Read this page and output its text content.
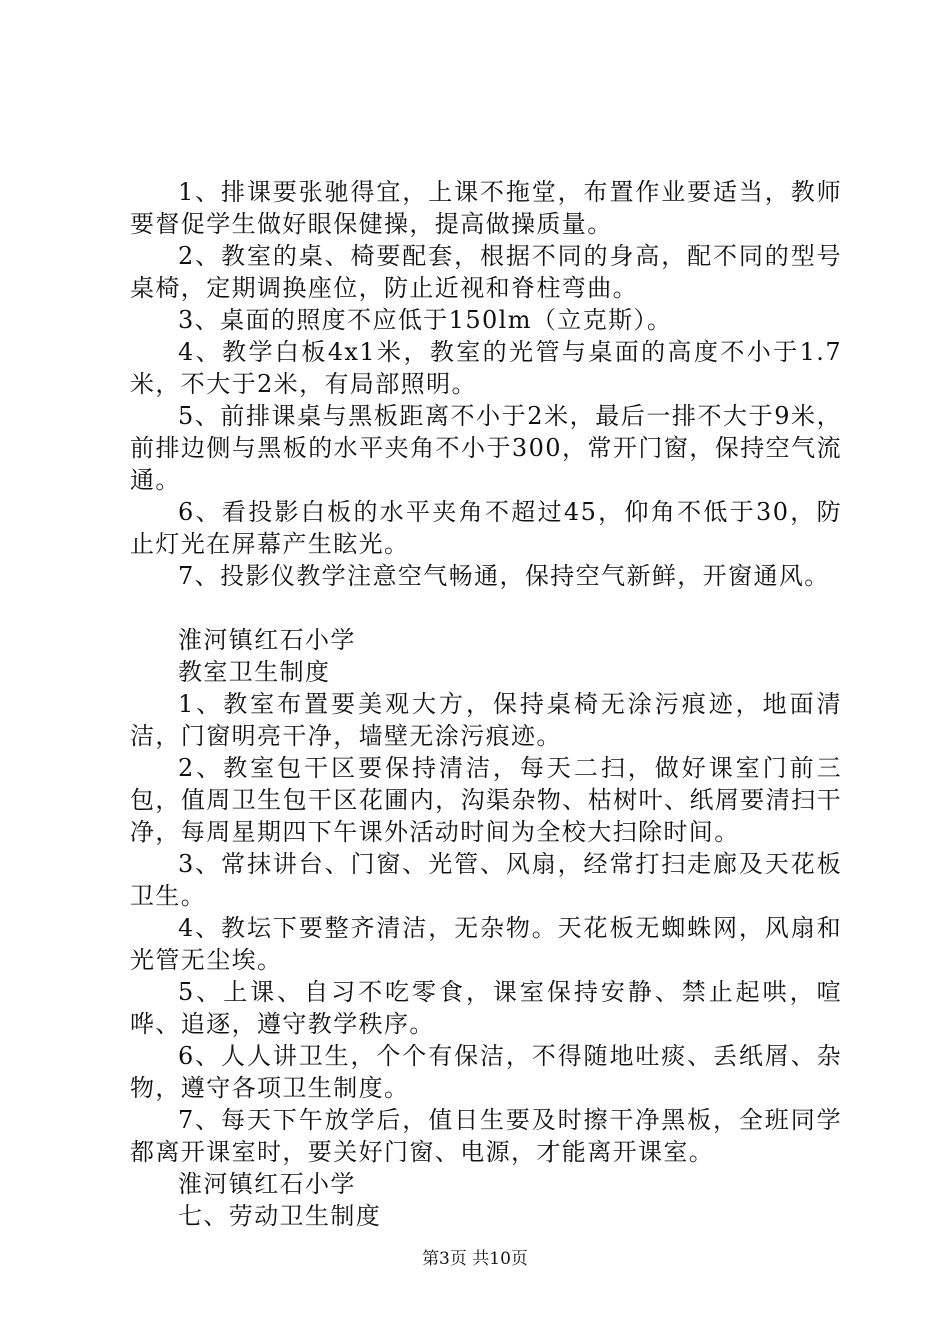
1、排课要张驰得宜，上课不拖堂，布置作业要适当，教师要督促学生做好眼保健操，提高做操质量。

2、教室的桌、椅要配套，根据不同的身高，配不同的型号桌椅，定期调换座位，防止近视和脊柱弯曲。

3、桌面的照度不应低于150lm（立克斯）。

4、教学白板4x1米，教室的光管与桌面的高度不小于1.7米，不大于2米，有局部照明。

5、前排课桌与黑板距离不小于2米，最后一排不大于9米，前排边侧与黑板的水平夹角不小于300，常开门窗，保持空气流通。

6、看投影白板的水平夹角不超过45，仰角不低于30，防止灯光在屏幕产生眩光。

7、投影仪教学注意空气畅通，保持空气新鲜，开窗通风。

淮河镇红石小学

教室卫生制度

1、教室布置要美观大方，保持桌椅无涂污痕迹，地面清洁，门窗明亮干净，墙壁无涂污痕迹。

2、教室包干区要保持清洁，每天二扫，做好课室门前三包，值周卫生包干区花圃内，沟渠杂物、枯树叶、纸屑要清扫干净，每周星期四下午课外活动时间为全校大扫除时间。

3、常抹讲台、门窗、光管、风扇，经常打扫走廊及天花板卫生。

4、教坛下要整齐清洁，无杂物。天花板无蜘蛛网，风扇和光管无尘埃。

5、上课、自习不吃零食，课室保持安静、禁止起哄，喧哗、追逐，遵守教学秩序。

6、人人讲卫生，个个有保洁，不得随地吐痰、丢纸屑、杂物，遵守各项卫生制度。

7、每天下午放学后，值日生要及时擦干净黑板，全班同学都离开课室时，要关好门窗、电源，才能离开课室。

淮河镇红石小学

七、劳动卫生制度

第3页 共10页
